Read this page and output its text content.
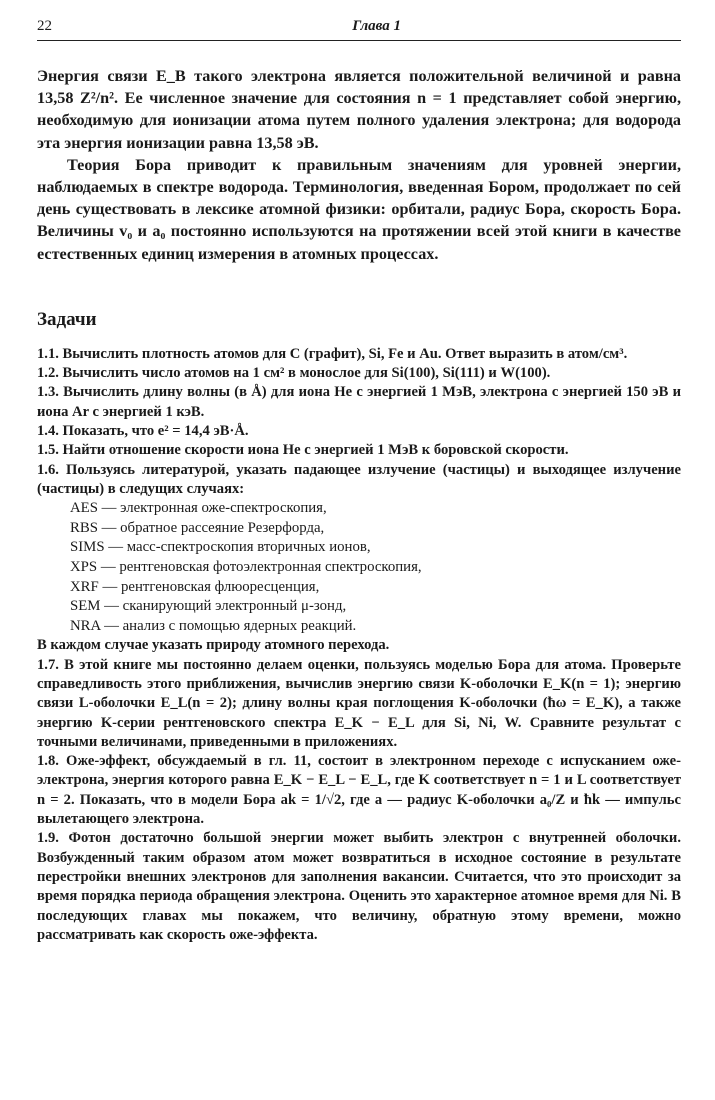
22	Глава 1

Энергия связи E_B такого электрона является положительной величиной и равна 13,58 Z²/n². Ее численное значение для состояния n = 1 представляет собой энергию, необходимую для ионизации атома путем полного удаления электрона; для водорода эта энергия ионизации равна 13,58 эВ.

Теория Бора приводит к правильным значениям для уровней энергии, наблюдаемых в спектре водорода. Терминология, введенная Бором, продолжает по сей день существовать в лексике атомной физики: орбитали, радиус Бора, скорость Бора. Величины v₀ и a₀ постоянно используются на протяжении всей этой книги в качестве естественных единиц измерения в атомных процессах.

Задачи

1.1. Вычислить плотность атомов для C (графит), Si, Fe и Au. Ответ выразить в атом/см³.

1.2. Вычислить число атомов на 1 см² в монослое для Si(100), Si(111) и W(100).

1.3. Вычислить длину волны (в Å) для иона He с энергией 1 МэВ, электрона с энергией 150 эВ и иона Ar с энергией 1 кэВ.

1.4. Показать, что e² = 14,4 эВ·Å.

1.5. Найти отношение скорости иона He с энергией 1 МэВ к боровской скорости.

1.6. Пользуясь литературой, указать падающее излучение (частицы) и выходящее излучение (частицы) в следущих случаях:

AES — электронная оже-спектроскопия,
RBS — обратное рассеяние Резерфорда,
SIMS — масс-спектроскопия вторичных ионов,
XPS — рентгеновская фотоэлектронная спектроскопия,
XRF — рентгеновская флюоресценция,
SEM — сканирующий электронный μ-зонд,
NRA — анализ с помощью ядерных реакций.

В каждом случае указать природу атомного перехода.

1.7. В этой книге мы постоянно делаем оценки, пользуясь моделью Бора для атома. Проверьте справедливость этого приближения, вычислив энергию связи K-оболочки E_K(n = 1); энергию связи L-оболочки E_L(n = 2); длину волны края поглощения K-оболочки (ħω = E_K), а также энергию K-серии рентгеновского спектра E_K − E_L для Si, Ni, W. Сравните результат с точными величинами, приведенными в приложениях.

1.8. Оже-эффект, обсуждаемый в гл. 11, состоит в электронном переходе с испусканием оже-электрона, энергия которого равна E_K − E_L − E_L, где K соответствует n = 1 и L соответствует n = 2. Показать, что в модели Бора ak = 1/√2, где a — радиус K-оболочки a₀/Z и ħk — импульс вылетающего электрона.

1.9. Фотон достаточно большой энергии может выбить электрон с внутренней оболочки. Возбужденный таким образом атом может возвратиться в исходное состояние в результате перестройки внешних электронов для заполнения вакансии. Считается, что это происходит за время порядка периода обращения электрона. Оценить это характерное атомное время для Ni. В последующих главах мы покажем, что величину, обратную этому времени, можно рассматривать как скорость оже-эффекта.
